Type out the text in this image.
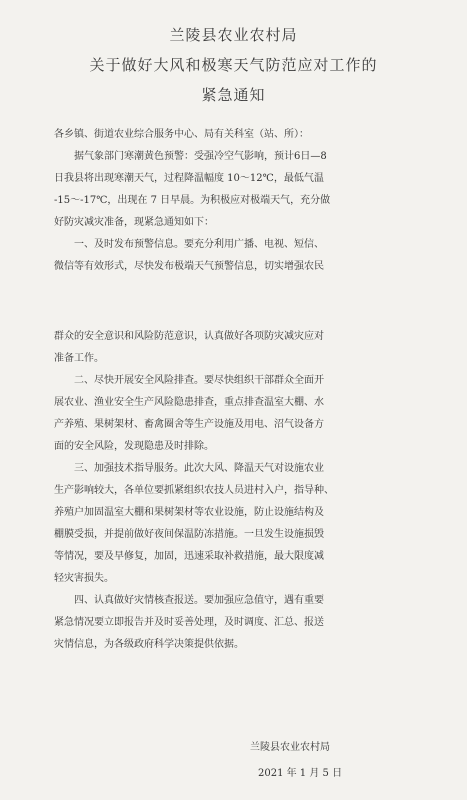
兰陵县农业农村局
关于做好大风和极寒天气防范应对工作的
紧急通知
各乡镇、街道农业综合服务中心、局有关科室（站、所）：
据气象部门寒潮黄色预警：受强冷空气影响，预计6日—8
日我县将出现寒潮天气，过程降温幅度 10～12℃，最低气温
-15～-17℃，出现在 7 日早晨。为积极应对极端天气，充分做
好防灾减灾准备，现紧急通知如下：
一、及时发布预警信息。要充分利用广播、电视、短信、
微信等有效形式，尽快发布极端天气预警信息，切实增强农民
群众的安全意识和风险防范意识，认真做好各项防灾减灾应对
准备工作。
二、尽快开展安全风险排查。要尽快组织干部群众全面开
展农业、渔业安全生产风险隐患排查，重点排查温室大棚、水
产养殖、果树架材、畜禽圈舍等生产设施及用电、沼气设备方
面的安全风险，发现隐患及时排除。
三、加强技术指导服务。此次大风、降温天气对设施农业
生产影响较大，各单位要抓紧组织农技人员进村入户，指导种、
养殖户加固温室大棚和果树架材等农业设施，防止设施结构及
棚膜受损，并提前做好夜间保温防冻措施。一旦发生设施损毁
等情况，要及早修复，加固，迅速采取补救措施，最大限度减
轻灾害损失。
四、认真做好灾情核查报送。要加强应急值守，遇有重要
紧急情况要立即报告并及时妥善处理，及时调度、汇总、报送
灾情信息，为各级政府科学决策提供依据。
兰陵县农业农村局
2021 年 1 月 5 日
